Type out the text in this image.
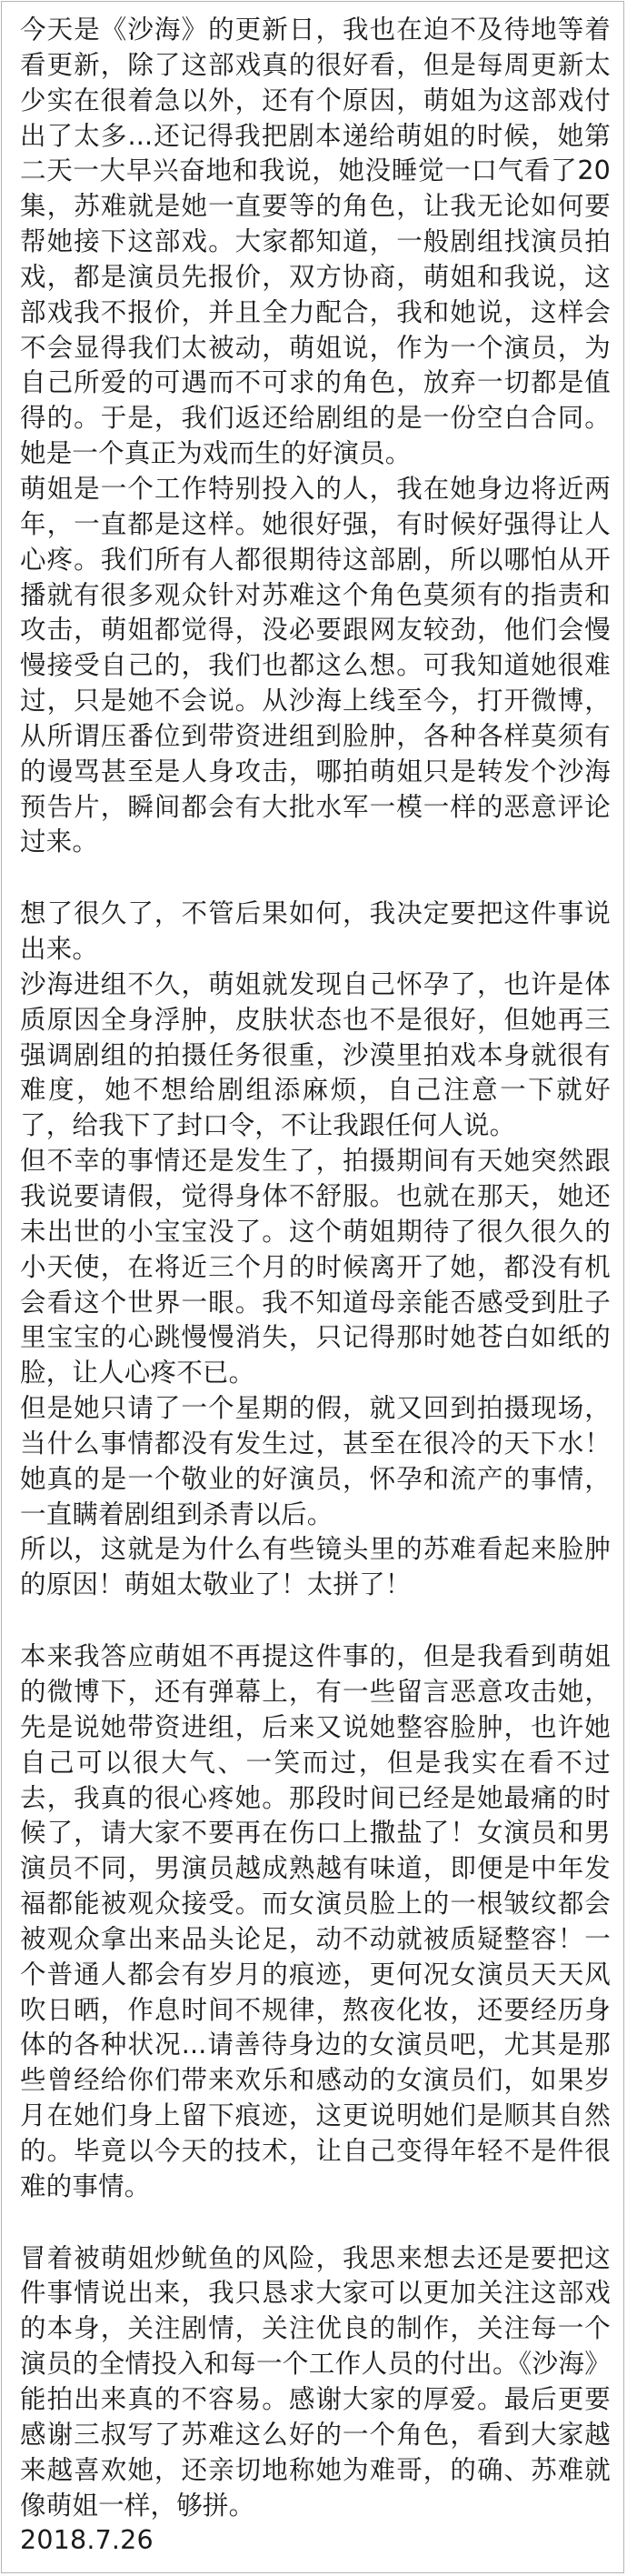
今天是《沙海》的更新日，我也在迫不及待地等着看更新，除了这部戏真的很好看，但是每周更新太少实在很着急以外，还有个原因，萌姐为这部戏付出了太多...还记得我把剧本递给萌姐的时候，她第二天一大早兴奋地和我说，她没睡觉一口气看了20集，苏难就是她一直要等的角色，让我无论如何要帮她接下这部戏。大家都知道，一般剧组找演员拍戏，都是演员先报价，双方协商，萌姐和我说，这部戏我不报价，并且全力配合，我和她说，这样会不会显得我们太被动，萌姐说，作为一个演员，为自己所爱的可遇而不可求的角色，放弃一切都是值得的。于是，我们返还给剧组的是一份空白合同。她是一个真正为戏而生的好演员。

萌姐是一个工作特别投入的人，我在她身边将近两年，一直都是这样。她很好强，有时候好强得让人心疼。我们所有人都很期待这部剧，所以哪怕从开播就有很多观众针对苏难这个角色莫须有的指责和攻击，萌姐都觉得，没必要跟网友较劲，他们会慢慢接受自己的，我们也都这么想。可我知道她很难过，只是她不会说。从沙海上线至今，打开微博，从所谓压番位到带资进组到脸肿，各种各样莫须有的谩骂甚至是人身攻击，哪拍萌姐只是转发个沙海预告片，瞬间都会有大批水军一模一样的恶意评论过来。

想了很久了，不管后果如何，我决定要把这件事说出来。

沙海进组不久，萌姐就发现自己怀孕了，也许是体质原因全身浮肿，皮肤状态也不是很好，但她再三强调剧组的拍摄任务很重，沙漠里拍戏本身就很有难度，她不想给剧组添麻烦，自己注意一下就好了，给我下了封口令，不让我跟任何人说。

但不幸的事情还是发生了，拍摄期间有天她突然跟我说要请假，觉得身体不舒服。也就在那天，她还未出世的小宝宝没了。这个萌姐期待了很久很久的小天使，在将近三个月的时候离开了她，都没有机会看这个世界一眼。我不知道母亲能否感受到肚子里宝宝的心跳慢慢消失，只记得那时她苍白如纸的脸，让人心疼不已。

但是她只请了一个星期的假，就又回到拍摄现场，当什么事情都没有发生过，甚至在很冷的天下水！她真的是一个敬业的好演员，怀孕和流产的事情，一直瞒着剧组到杀青以后。

所以，这就是为什么有些镜头里的苏难看起来脸肿的原因！萌姐太敬业了！太拼了！

本来我答应萌姐不再提这件事的，但是我看到萌姐的微博下，还有弹幕上，有一些留言恶意攻击她，先是说她带资进组，后来又说她整容脸肿，也许她自己可以很大气、一笑而过，但是我实在看不过去，我真的很心疼她。那段时间已经是她最痛的时候了，请大家不要再在伤口上撒盐了！女演员和男演员不同，男演员越成熟越有味道，即便是中年发福都能被观众接受。而女演员脸上的一根皱纹都会被观众拿出来品头论足，动不动就被质疑整容！一个普通人都会有岁月的痕迹，更何况女演员天天风吹日晒，作息时间不规律，熬夜化妆，还要经历身体的各种状况...请善待身边的女演员吧，尤其是那些曾经给你们带来欢乐和感动的女演员们，如果岁月在她们身上留下痕迹，这更说明她们是顺其自然的。毕竟以今天的技术，让自己变得年轻不是件很难的事情。

冒着被萌姐炒鱿鱼的风险，我思来想去还是要把这件事情说出来，我只恳求大家可以更加关注这部戏的本身，关注剧情，关注优良的制作，关注每一个演员的全情投入和每一个工作人员的付出。《沙海》能拍出来真的不容易。感谢大家的厚爱。最后更要感谢三叔写了苏难这么好的一个角色，看到大家越来越喜欢她，还亲切地称她为难哥，的确、苏难就像萌姐一样，够拼。

2018.7.26
